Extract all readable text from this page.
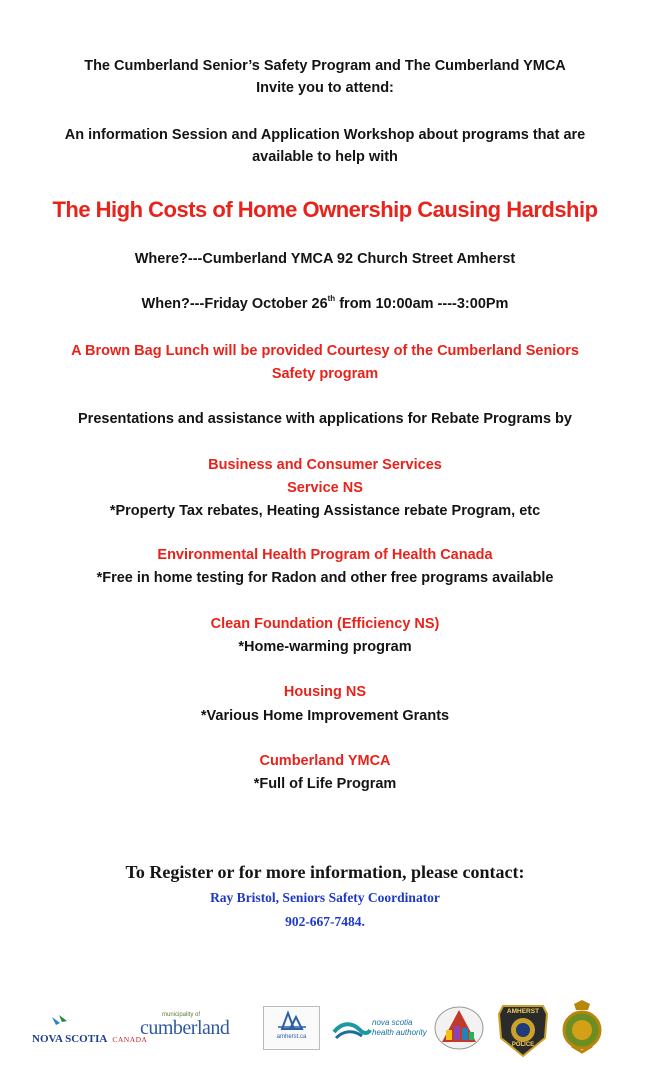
The Cumberland Senior’s Safety Program and The Cumberland YMCA
Invite you to attend:
An information Session and Application Workshop about programs that are
available to help with
The High Costs of Home Ownership Causing Hardship
Where?---Cumberland YMCA 92 Church Street Amherst
When?---Friday October 26th from 10:00am ----3:00Pm
A Brown Bag Lunch will be provided Courtesy of the Cumberland Seniors
Safety program
Presentations and assistance with applications for Rebate Programs by
Business and Consumer Services
Service NS
*Property Tax rebates, Heating Assistance rebate Program, etc
Environmental Health Program of Health Canada
*Free in home testing for Radon and other free programs available
Clean Foundation (Efficiency NS)
*Home-warming program
Housing NS
*Various Home Improvement Grants
Cumberland YMCA
*Full of Life Program
To Register or for more information, please contact:
Ray Bristol, Seniors Safety Coordinator
902-667-7484.
NOVA SCOTIA CANADA
municipality of
cumberland	amherst.ca
nova scotia
health authority
AMHERST
POLICE
